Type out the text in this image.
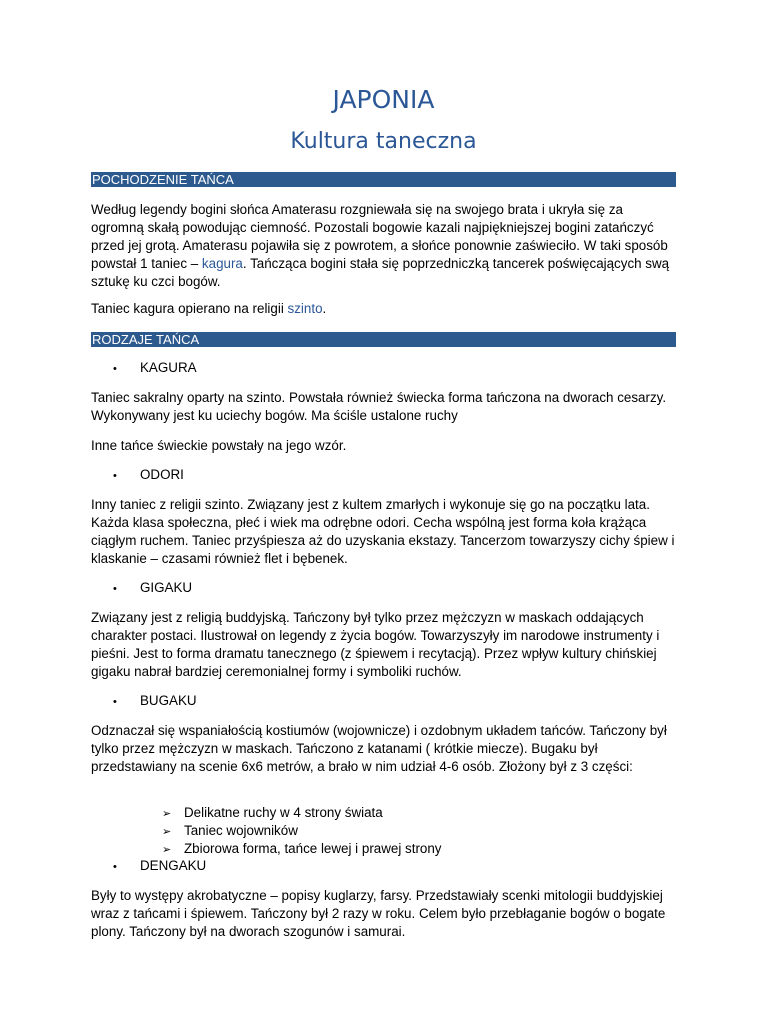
JAPONIA
Kultura taneczna
POCHODZENIE TAŃCA

Według legendy bogini słońca Amaterasu rozgniewała się na swojego brata i ukryła się za ogromną skałą powodując ciemność. Pozostali bogowie kazali najpiękniejszej bogini zatańczyć przed jej grotą. Amaterasu pojawiła się z powrotem, a słońce ponownie zaświeciło. W taki sposób powstał 1 taniec – kagura. Tańcząca bogini stała się poprzedniczką tancerek poświęcających swą sztukę ku czci bogów.

Taniec kagura opierano na religii szinto.

RODZAJE TAŃCA
• KAGURA

Taniec sakralny oparty na szinto. Powstała również świecka forma tańczona na dworach cesarzy. Wykonywany jest ku uciechy bogów. Ma ściśle ustalone ruchy

Inne tańce świeckie powstały na jego wzór.

• ODORI

Inny taniec z religii szinto. Związany jest z kultem zmarłych i wykonuje się go na początku lata. Każda klasa społeczna, płeć i wiek ma odrębne odori. Cecha wspólną jest forma koła krążąca ciągłym ruchem. Taniec przyśpiesza aż do uzyskania ekstazy. Tancerzom towarzyszy cichy śpiew i klaskanie – czasami również flet i bębenek.

• GIGAKU

Związany jest z religią buddyjską. Tańczony był tylko przez mężczyzn w maskach oddających charakter postaci. Ilustrował on legendy z życia bogów. Towarzyszyły im narodowe instrumenty i pieśni. Jest to forma dramatu tanecznego (z śpiewem i recytacją). Przez wpływ kultury chińskiej gigaku nabrał bardziej ceremonialnej formy i symboliki ruchów.

• BUGAKU

Odznaczał się wspaniałością kostiumów (wojownicze) i ozdobnym układem tańców. Tańczony był tylko przez mężczyzn w maskach. Tańczono z katanami ( krótkie miecze). Bugaku był przedstawiany na scenie 6x6 metrów, a brało w nim udział 4-6 osób. Złożony był z 3 części:

➢ Delikatne ruchy w 4 strony świata
➢ Taniec wojowników
➢ Zbiorowa forma, tańce lewej i prawej strony
• DENGAKU

Były to występy akrobatyczne – popisy kuglarzy, farsy. Przedstawiały scenki mitologii buddyjskiej wraz z tańcami i śpiewem. Tańczony był 2 razy w roku. Celem było przebłaganie bogów o bogate plony. Tańczony był na dworach szogunów i samurai.
